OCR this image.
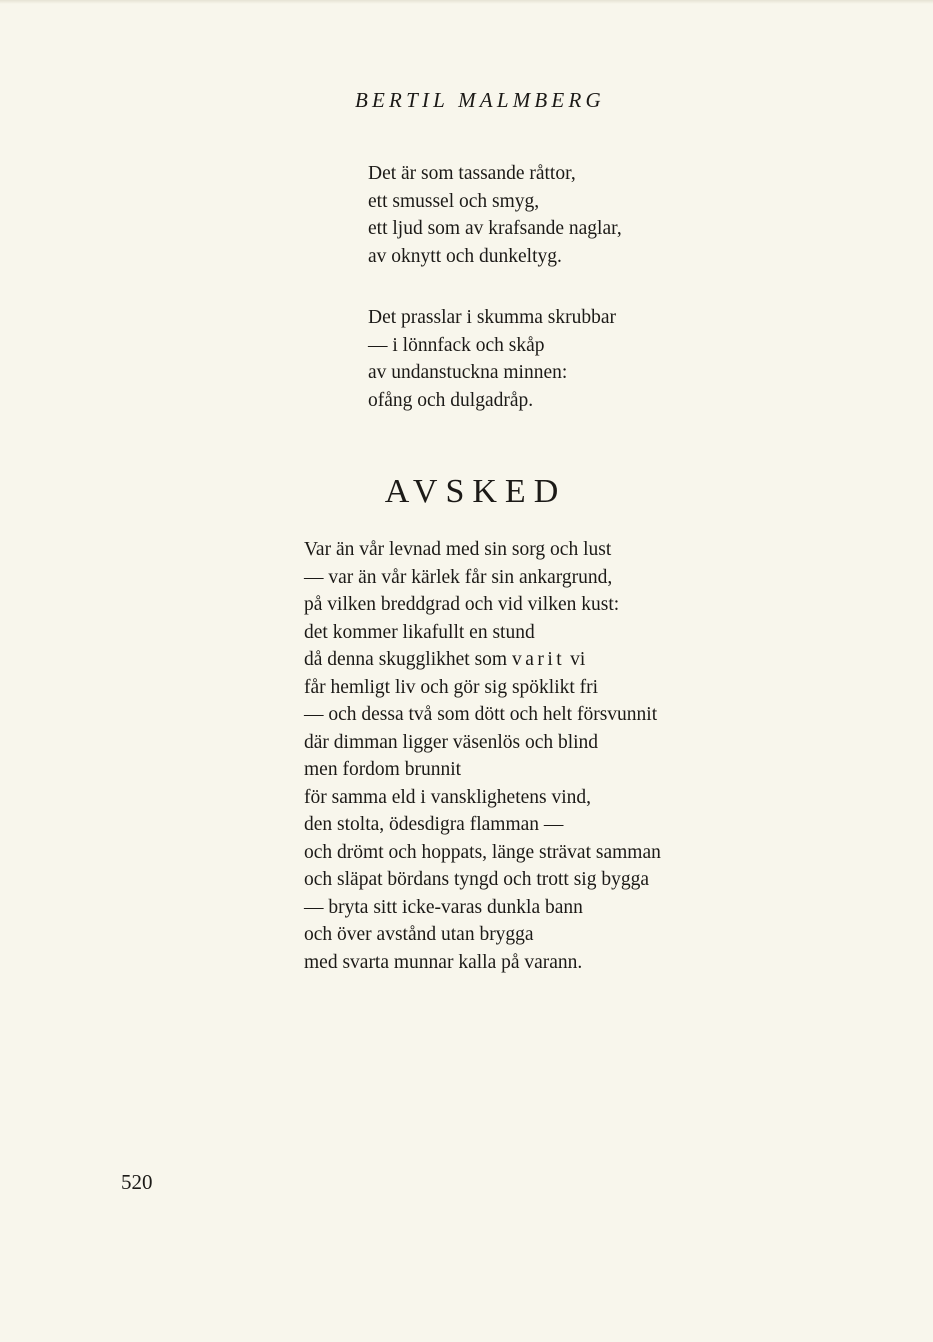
BERTIL MALMBERG
Det är som tassande råttor,
ett smussel och smyg,
ett ljud som av krafsande naglar,
av oknytt och dunkeltyg.
Det prasslar i skumma skrubbar
— i lönnfack och skåp
av undanstuckna minnen:
ofång och dulgadråp.
AVSKED
Var än vår levnad med sin sorg och lust
— var än vår kärlek får sin ankargrund,
på vilken breddgrad och vid vilken kust:
det kommer likafullt en stund
då denna skugglikhet som varit vi
får hemligt liv och gör sig spöklikt fri
— och dessa två som dött och helt försvunnit
där dimman ligger väsenlös och blind
men fordom brunnit
för samma eld i vansklighetens vind,
den stolta, ödesdigra flamman —
och drömt och hoppats, länge strävat samman
och släpat bördans tyngd och trott sig bygga
— bryta sitt icke-varas dunkla bann
och över avstånd utan brygga
med svarta munnar kalla på varann.
520
